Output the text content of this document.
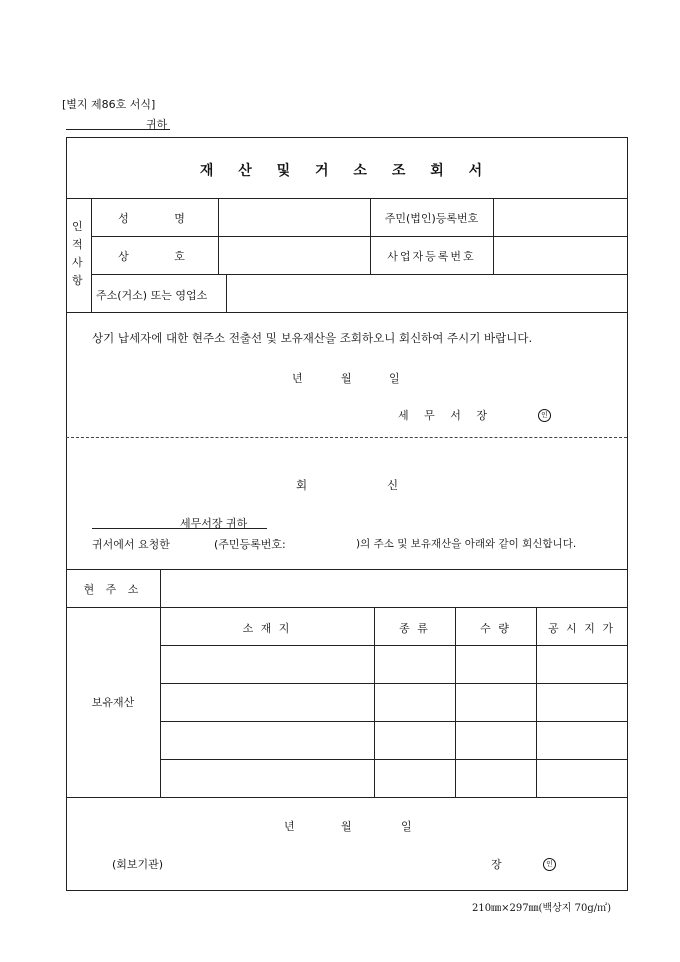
[별지 제86호 서식]
귀하
재 산 및 거 소 조 회 서
인적사항
성 명	주민(법인)등록번호
상 호	사업자등록번호
주소(거소) 또는 영업소
상기 납세자에 대한 현주소 전출선 및 보유재산을 조회하오니 회신하여 주시기 바랍니다.
년	월	일
세 무 서 장	인
회	신
세무서장 귀하
귀서에서 요청한	(주민등록번호:	)의 주소 및 보유재산을 아래와 같이 회신합니다.
현 주 소
보유재산
소 재 지	종 류	수 량	공 시 지 가
년	월	일
(회보기관)	장	인
210㎜×297㎜(백상지 70g/㎡)
